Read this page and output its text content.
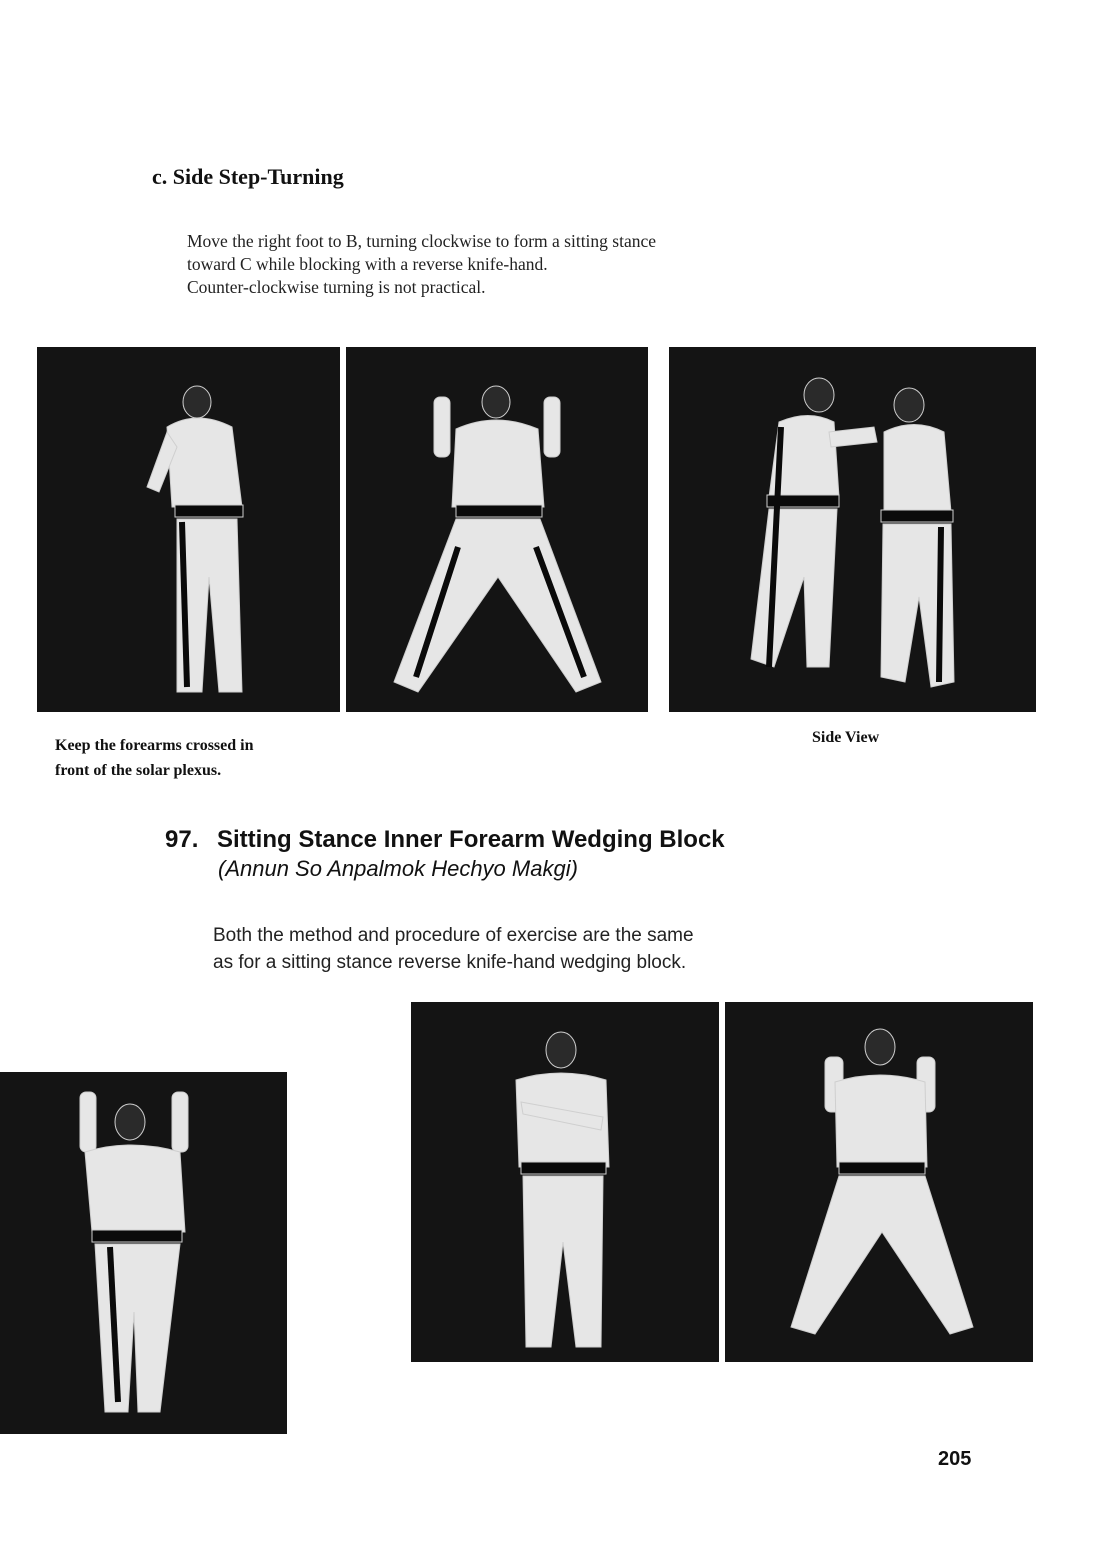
c. Side Step-Turning
Move the right foot to B, turning clockwise to form a sitting stance
toward C while blocking with a reverse knife-hand.
Counter-clockwise turning is not practical.
Keep the forearms crossed in
front of the solar plexus.
Side View
97. Sitting Stance Inner Forearm Wedging Block
(Annun So Anpalmok Hechyo Makgi)
Both the method and procedure of exercise are the same
as for a sitting stance reverse knife-hand wedging block.
205
